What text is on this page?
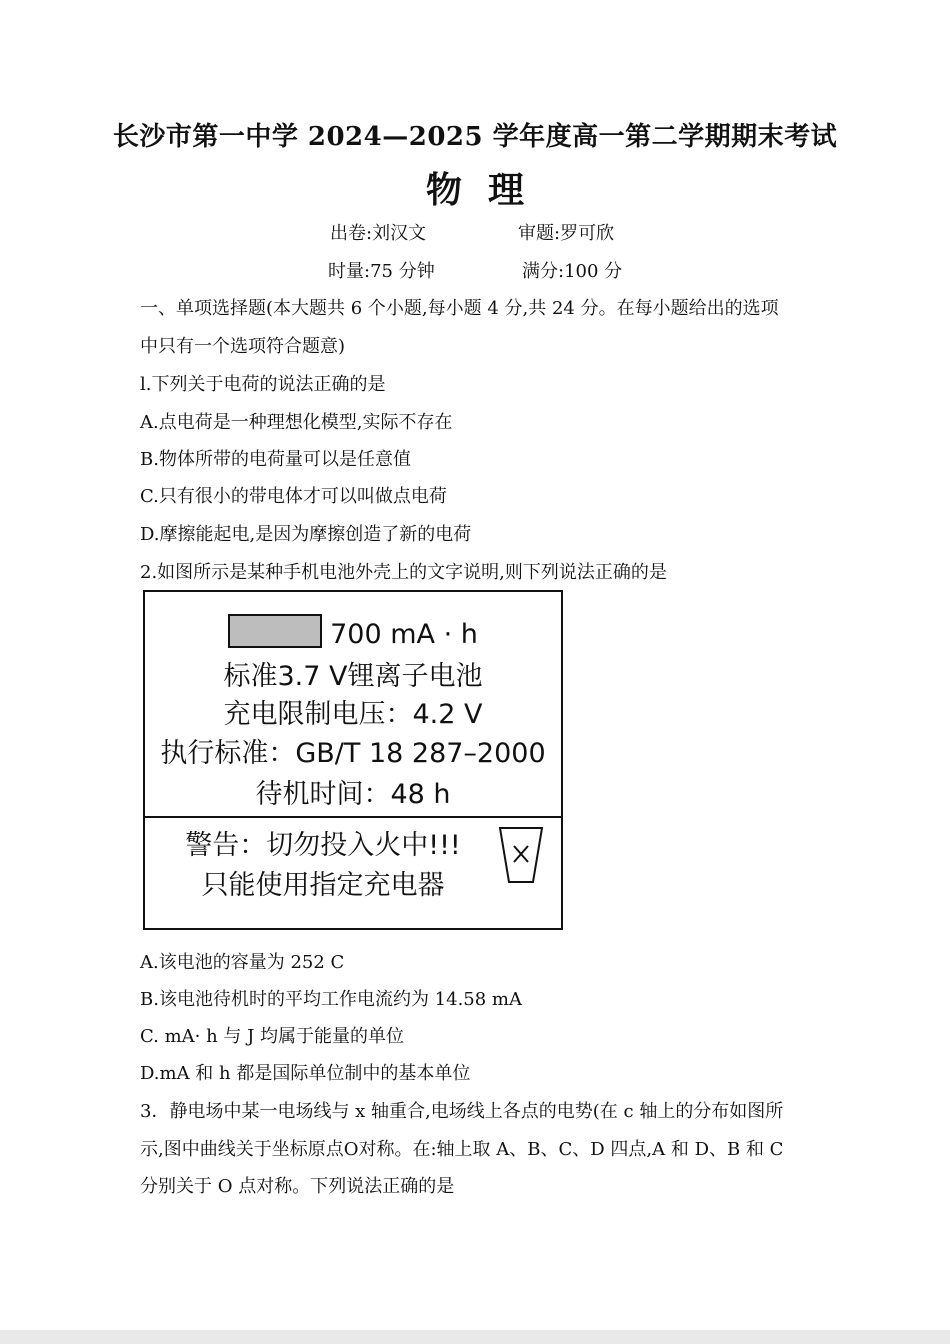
长沙市第一中学 2024—2025 学年度高一第二学期期末考试
物理
出卷:刘汉文	审题:罗可欣
时量:75 分钟	满分:100 分
一、单项选择题(本大题共 6 个小题,每小题 4 分,共 24 分。在每小题给出的选项
中只有一个选项符合题意)
l.下列关于电荷的说法正确的是
A.点电荷是一种理想化模型,实际不存在
B.物体所带的电荷量可以是任意值
C.只有很小的带电体才可以叫做点电荷
D.摩擦能起电,是因为摩擦创造了新的电荷
2.如图所示是某种手机电池外壳上的文字说明,则下列说法正确的是
700 mA · h
标准3.7 V锂离子电池
充电限制电压：4.2 V
执行标准：GB/T 18 287–2000
待机时间：48 h
警告：切勿投入火中!!!
只能使用指定充电器
A.该电池的容量为 252 C
B.该电池待机时的平均工作电流约为 14.58 mA
C. mA· h 与 J 均属于能量的单位
D.mA 和 h 都是国际单位制中的基本单位
3．静电场中某一电场线与 x 轴重合,电场线上各点的电势(在 c 轴上的分布如图所
示,图中曲线关于坐标原点O对称。在:轴上取 A、B、C、D 四点,A 和 D、B 和 C
分别关于 O 点对称。下列说法正确的是
